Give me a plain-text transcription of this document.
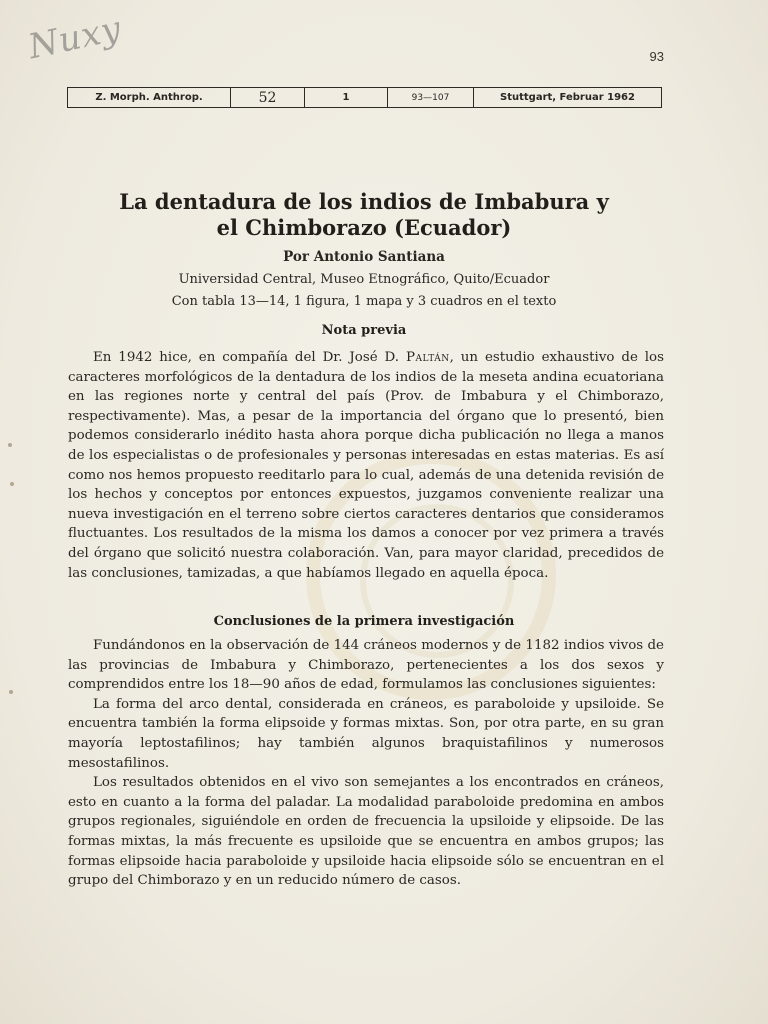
Nuxy	93
Z. Morph. Anthrop.	52	1	93—107	Stuttgart, Februar 1962
La dentadura de los indios de Imbabura y
el Chimborazo (Ecuador)
Por Antonio Santiana
Universidad Central, Museo Etnográfico, Quito/Ecuador
Con tabla 13—14, 1 figura, 1 mapa y 3 cuadros en el texto
Nota previa

En 1942 hice, en compañía del Dr. José D. Paltán, un estudio exhaustivo de los caracteres morfológicos de la dentadura de los indios de la meseta andina ecuatoriana en las regiones norte y central del país (Prov. de Imbabura y el Chimborazo, respectivamente). Mas, a pesar de la importancia del órgano que lo presentó, bien podemos considerarlo inédito hasta ahora porque dicha publicación no llega a manos de los especialistas o de profesionales y personas interesadas en estas materias. Es así como nos hemos propuesto reeditarlo para lo cual, además de una detenida revisión de los hechos y conceptos por entonces expuestos, juzgamos conveniente realizar una nueva investigación en el terreno sobre ciertos caracteres dentarios que consideramos fluctuantes. Los resultados de la misma los damos a conocer por vez primera a través del órgano que solicitó nuestra colaboración. Van, para mayor claridad, precedidos de las conclusiones, tamizadas, a que habíamos llegado en aquella época.

Conclusiones de la primera investigación

Fundándonos en la observación de 144 cráneos modernos y de 1182 indios vivos de las provincias de Imbabura y Chimborazo, pertenecientes a los dos sexos y comprendidos entre los 18—90 años de edad, formulamos las conclusiones siguientes:

La forma del arco dental, considerada en cráneos, es paraboloide y upsiloide. Se encuentra también la forma elipsoide y formas mixtas. Son, por otra parte, en su gran mayoría leptostafilinos; hay también algunos braquistafilinos y numerosos mesostafilinos.

Los resultados obtenidos en el vivo son semejantes a los encontrados en cráneos, esto en cuanto a la forma del paladar. La modalidad paraboloide predomina en ambos grupos regionales, siguiéndole en orden de frecuencia la upsiloide y elipsoide. De las formas mixtas, la más frecuente es upsiloide que se encuentra en ambos grupos; las formas elipsoide hacia paraboloide y upsiloide hacia elipsoide sólo se encuentran en el grupo del Chimborazo y en un reducido número de casos.
